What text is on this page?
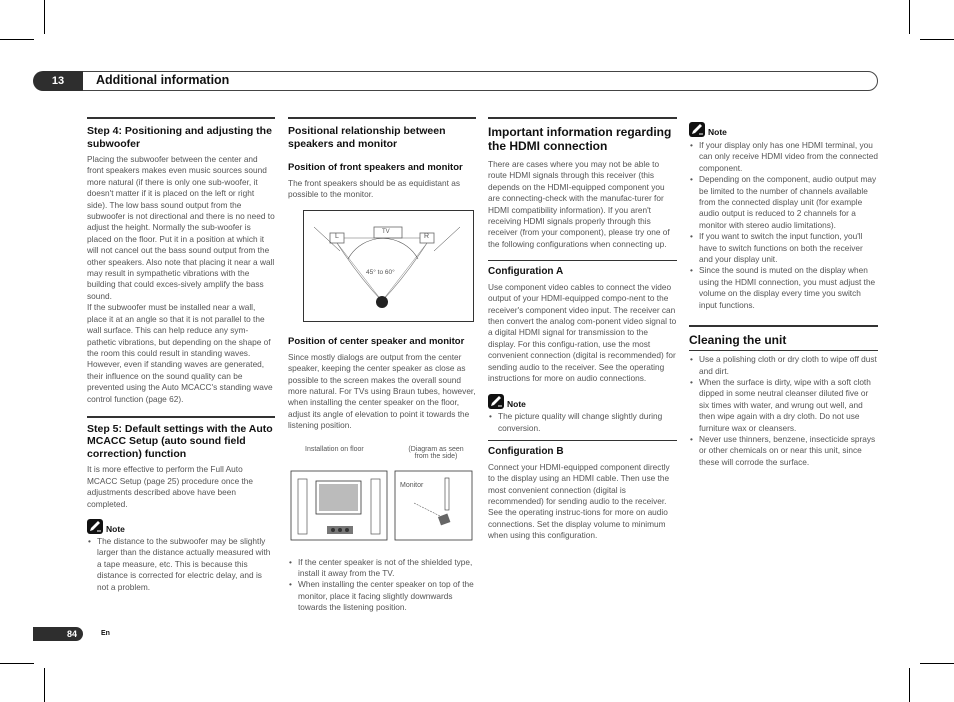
13	Additional information

Step 4: Positioning and adjusting the subwoofer

Placing the subwoofer between the center and front speakers makes even music sources sound more natural (if there is only one sub-woofer, it doesn't matter if it is placed on the left or right side). The low bass sound output from the subwoofer is not directional and there is no need to adjust the height. Normally the sub-woofer is placed on the floor. Put it in a position at which it will not cancel out the bass sound output from the other speakers. Also note that placing it near a wall may result in sympathetic vibrations with the building that could exces-sively amplify the bass sound.

If the subwoofer must be installed near a wall, place it at an angle so that it is not parallel to the wall surface. This can help reduce any sym-pathetic vibrations, but depending on the shape of the room this could result in standing waves. However, even if standing waves are generated, their influence on the sound quality can be prevented using the Auto MCACC's standing wave control function (page 62).

Step 5: Default settings with the Auto MCACC Setup (auto sound field correction) function

It is more effective to perform the Full Auto MCACC Setup (page 25) procedure once the adjustments described above have been completed.

Note
• The distance to the subwoofer may be slightly larger than the distance actually measured with a tape measure, etc. This is because this distance is corrected for electric delay, and is not a problem.

Positional relationship between speakers and monitor

Position of front speakers and monitor

The front speakers should be as equidistant as possible to the monitor.

TV
L	R
45° to 60°

Position of center speaker and monitor

Since mostly dialogs are output from the center speaker, keeping the center speaker as close as possible to the screen makes the overall sound more natural. For TVs using Braun tubes, however, when installing the center speaker on the floor, adjust its angle of elevation to point it towards the listening position.

Installation on floor	(Diagram as seen from the side)
Monitor
• If the center speaker is not of the shielded type, install it away from the TV.
• When installing the center speaker on top of the monitor, place it facing slightly downwards towards the listening position.

Important information regarding the HDMI connection

There are cases where you may not be able to route HDMI signals through this receiver (this depends on the HDMI-equipped component you are connecting-check with the manufac-turer for HDMI compatibility information). If you aren't receiving HDMI signals properly through this receiver (from your component), please try one of the following configurations when connecting up.

Configuration A

Use component video cables to connect the video output of your HDMI-equipped compo-nent to the receiver's component video input. The receiver can then convert the analog com-ponent video signal to a digital HDMI signal for transmission to the display. For this configu-ration, use the most convenient connection (digital is recommended) for sending audio to the receiver. See the operating instructions for more on audio connections.

Note
• The picture quality will change slightly during conversion.

Configuration B

Connect your HDMI-equipped component directly to the display using an HDMI cable. Then use the most convenient connection (digital is recommended) for sending audio to the receiver. See the operating instruc-tions for more on audio connections. Set the display volume to minimum when using this configuration.

Note
• If your display only has one HDMI terminal, you can only receive HDMI video from the connected component.
• Depending on the component, audio output may be limited to the number of channels available from the connected display unit (for example audio output is reduced to 2 channels for a monitor with stereo audio limitations).
• If you want to switch the input function, you'll have to switch functions on both the receiver and your display unit.
• Since the sound is muted on the display when using the HDMI connection, you must adjust the volume on the display every time you switch input functions.

Cleaning the unit

• Use a polishing cloth or dry cloth to wipe off dust and dirt.
• When the surface is dirty, wipe with a soft cloth dipped in some neutral cleanser diluted five or six times with water, and wrung out well, and then wipe again with a dry cloth. Do not use furniture wax or cleansers.
• Never use thinners, benzene, insecticide sprays or other chemicals on or near this unit, since these will corrode the surface.
84	En
